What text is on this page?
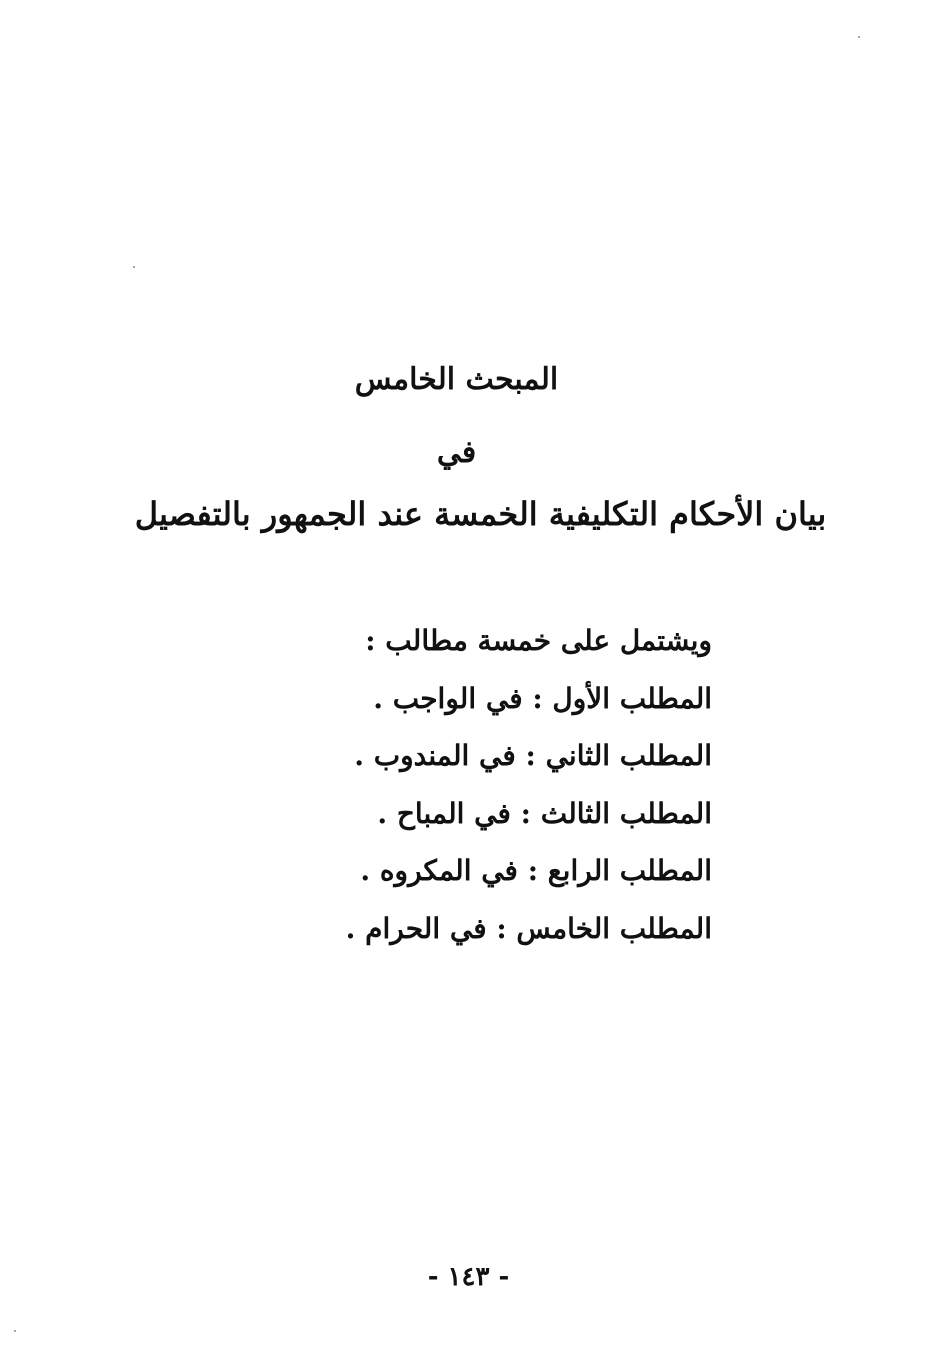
المبحث الخامس
في
بيان الأحكام التكليفية الخمسة عند الجمهور بالتفصيل
ويشتمل على خمسة مطالب :
المطلب الأول : في الواجب .
المطلب الثاني : في المندوب .
المطلب الثالث : في المباح .
المطلب الرابع : في المكروه .
المطلب الخامس : في الحرام .
- ١٤٣ -
